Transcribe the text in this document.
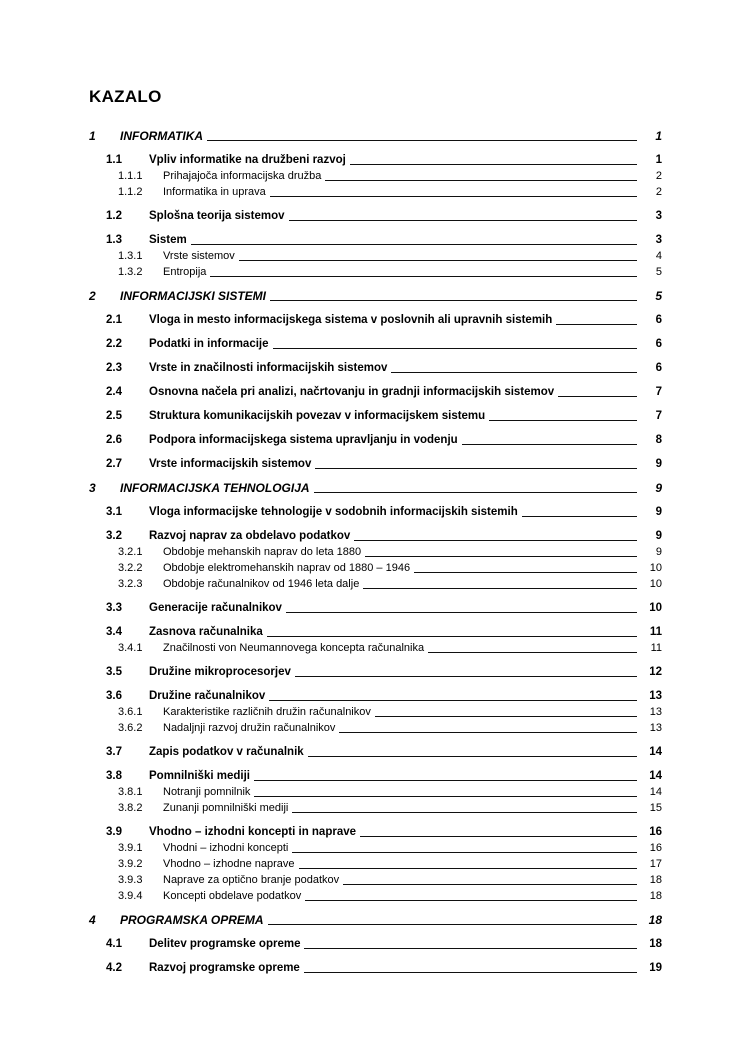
KAZALO
1	INFORMATIKA	1
1.1	Vpliv informatike na družbeni razvoj	1
1.1.1	Prihajajoča informacijska družba	2
1.1.2	Informatika in uprava	2
1.2	Splošna teorija sistemov	3
1.3	Sistem	3
1.3.1	Vrste sistemov	4
1.3.2	Entropija	5
2	INFORMACIJSKI SISTEMI	5
2.1	Vloga in mesto informacijskega sistema v poslovnih ali upravnih sistemih	6
2.2	Podatki in informacije	6
2.3	Vrste in značilnosti informacijskih sistemov	6
2.4	Osnovna načela pri analizi, načrtovanju in gradnji informacijskih sistemov	7
2.5	Struktura komunikacijskih povezav v informacijskem sistemu	7
2.6	Podpora informacijskega sistema upravljanju in vodenju	8
2.7	Vrste informacijskih sistemov	9
3	INFORMACIJSKA TEHNOLOGIJA	9
3.1	Vloga informacijske tehnologije v sodobnih informacijskih sistemih	9
3.2	Razvoj naprav za obdelavo podatkov	9
3.2.1	Obdobje mehanskih naprav do leta 1880	9
3.2.2	Obdobje elektromehanskih naprav od 1880 – 1946	10
3.2.3	Obdobje računalnikov od 1946 leta dalje	10
3.3	Generacije računalnikov	10
3.4	Zasnova računalnika	11
3.4.1	Značilnosti von Neumannovega koncepta računalnika	11
3.5	Družine mikroprocesorjev	12
3.6	Družine računalnikov	13
3.6.1	Karakteristike različnih družin računalnikov	13
3.6.2	Nadaljnji razvoj družin računalnikov	13
3.7	Zapis podatkov v računalnik	14
3.8	Pomnilniški mediji	14
3.8.1	Notranji pomnilnik	14
3.8.2	Zunanji pomnilniški mediji	15
3.9	Vhodno – izhodni koncepti in naprave	16
3.9.1	Vhodni – izhodni koncepti	16
3.9.2	Vhodno – izhodne naprave	17
3.9.3	Naprave za optično branje podatkov	18
3.9.4	Koncepti obdelave podatkov	18
4	PROGRAMSKA OPREMA	18
4.1	Delitev programske opreme	18
4.2	Razvoj programske opreme	19
